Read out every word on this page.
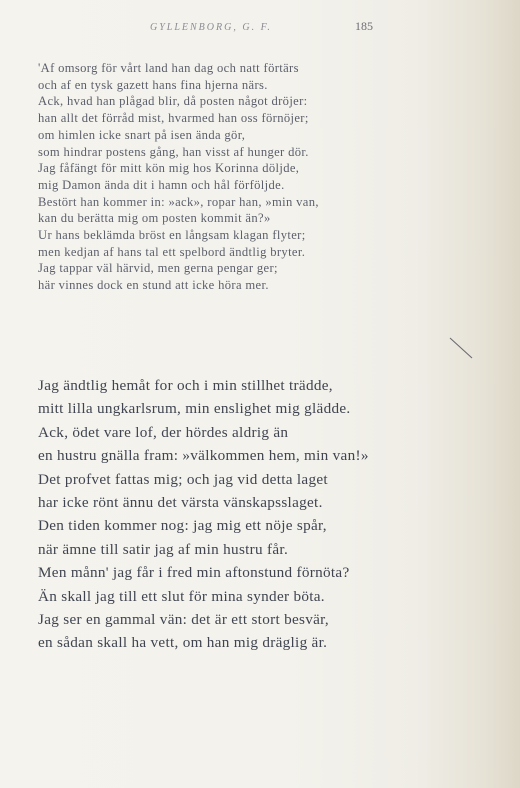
GYLLENBORG, G. F.	185
'Af omsorg för vårt land han dag och natt förtärs
och af en tysk gazett hans fina hjerna närs.
Ack, hvad han plågad blir, då posten något dröjer:
han allt det förråd mist, hvarmed han oss förnöjer;
om himlen icke snart på isen ända gör,
som hindrar postens gång, han visst af hunger dör.
Jag fåfängt för mitt kön mig hos Korinna döljde,
mig Damon ända dit i hamn och hål förföljde.
Bestört han kommer in: »ack», ropar han, »min van,
kan du berätta mig om posten kommit än?»
Ur hans beklämda bröst en långsam klagan flyter;
men kedjan af hans tal ett spelbord ändtlig bryter.
Jag tappar väl härvid, men gerna pengar ger;
här vinnes dock en stund att icke höra mer.
Jag ändtlig hemåt for och i min stillhet trädde,
mitt lilla ungkarlsrum, min enslighet mig glädde.
Ack, ödet vare lof, der hördes aldrig än
en hustru gnälla fram: »välkommen hem, min van!»
Det profvet fattas mig; och jag vid detta laget
har icke rönt ännu det värsta vänskapsslaget.
Den tiden kommer nog: jag mig ett nöje spår,
när ämne till satir jag af min hustru får.
Men månn' jag får i fred min aftonstund förnöta?
Än skall jag till ett slut för mina synder böta.
Jag ser en gammal vän: det är ett stort besvär,
en sådan skall ha vett, om han mig dräglig är.
